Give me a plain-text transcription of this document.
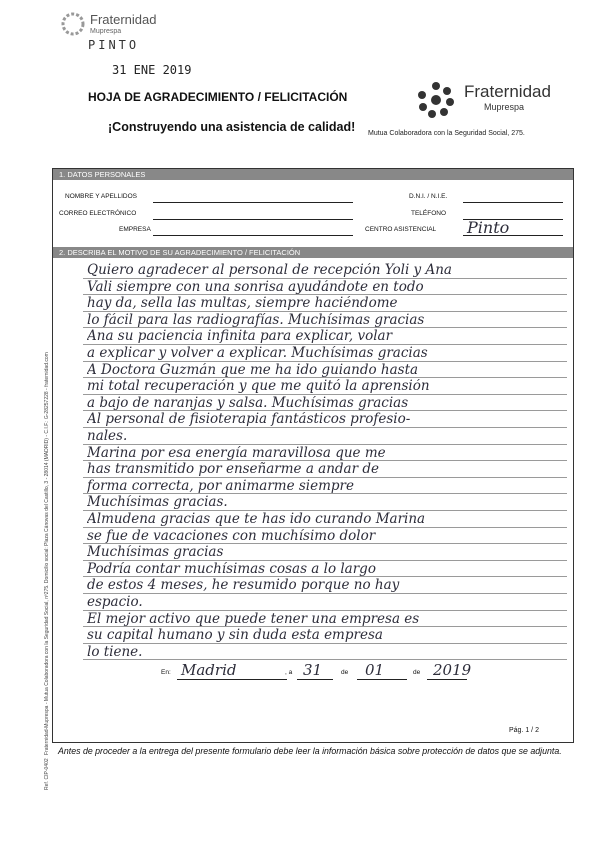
Fraternidad
Muprespa
PINTO
31 ENE 2019
HOJA DE AGRADECIMIENTO / FELICITACIÓN
¡Construyendo una asistencia de calidad!
Fraternidad
Muprespa
Mutua Colaboradora con la Seguridad Social, 275.
Fraternidad-Muprespa - Mutua Colaboradora con la Seguridad Social, nº275. Domicilio social: Plaza Cánovas del Castillo, 3 - 28014 (MADRID) - C.I.F.: G-28257228 - fraternidad.com
Ref. CIP-0402
1. DATOS PERSONALES
NOMBRE Y APELLIDOS	D.N.I. / N.I.E.
CORREO ELECTRÓNICO	TELÉFONO
EMPRESA	CENTRO ASISTENCIAL Pinto
2. DESCRIBA EL MOTIVO DE SU AGRADECIMIENTO / FELICITACIÓN
Quiero agradecer al personal de recepción Yoli y Ana
Vali siempre con una sonrisa ayudándote en todo
hay da, sella las multas, siempre haciéndome
lo fácil para las radiografías. Muchísimas gracias
Ana su paciencia infinita para explicar, volar
a explicar y volver a explicar. Muchísimas gracias
A Doctora Guzmán que me ha ido guiando hasta
mi total recuperación y que me quitó la aprensión
a bajo de naranjas y salsa. Muchísimas gracias
Al personal de fisioterapia fantásticos profesio-
nales.
Marina por esa energía maravillosa que me
has transmitido por enseñarme a andar de
forma correcta, por animarme siempre
Muchísimas gracias.
Almudena gracias que te has ido curando Marina
se fue de vacaciones con muchísimo dolor
Muchísimas gracias
Podría contar muchísimas cosas a lo largo
de estos 4 meses, he resumido porque no hay
espacio.
El mejor activo que puede tener una empresa es
su capital humano y sin duda esta empresa
lo tiene.
En: Madrid	, a 31	de 01	de 2019
Pág. 1 / 2
Antes de proceder a la entrega del presente formulario debe leer la información básica sobre protección de datos que se adjunta.
